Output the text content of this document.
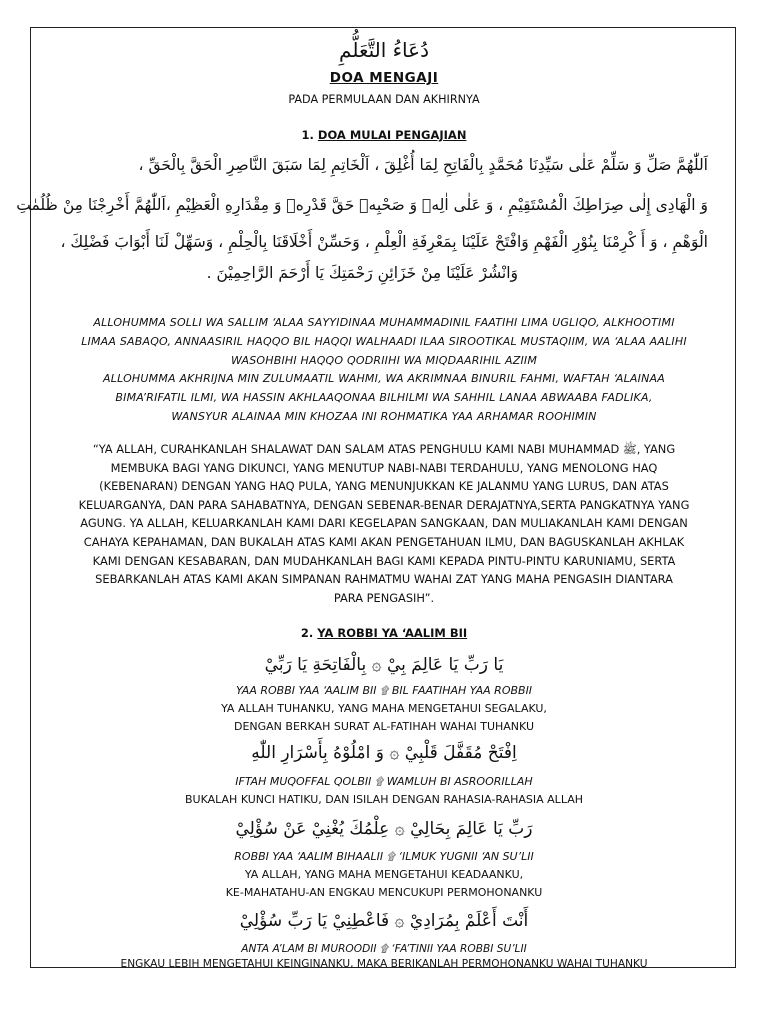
دُعَاءُ التَّعَلُّمِ
DOA MENGAJI
PADA PERMULAAN DAN AKHIRNYA
1. DOA MULAI PENGAJIAN
اَللّٰهُمَّ صَلِّ وَ سَلِّمْ عَلٰى سَيِّدِنَا مُحَمَّدٍ بِالْفَاتِحِ لِمَا أُغْلِقَ ، اَلْخَاتِمِ لِمَا سَبَقَ النَّاصِرِ الْحَقَّ بِالْحَقِّ ،
وَ الْهَادِى إِلٰى صِرَاطِكَ الْمُسْتَقِيْمِ ، وَ عَلٰى اٰلِهٖ وَ صَحْبِهٖ حَقَّ قَدْرِهٖ وَ مِقْدَارِهِ الْعَظِيْمِ ،اَللّٰهُمَّ أَخْرِجْنَا مِنْ ظُلُمٰتِ
الْوَهْمِ ، وَ أَ كْرِمْنَا بِنُوْرِ الْفَهْمِ وَافْتَحْ عَلَيْنَا بِمَعْرِفَةِ الْعِلْمِ ، وَحَسِّنْ أَخْلَاقَنَا بِالْحِلْمِ ، وَسَهِّلْ لَنَا أَبْوَابَ فَضْلِكَ ،
وَانْشُرْ عَلَيْنَا مِنْ خَزَائِنِ رَحْمَتِكَ يَا أَرْحَمَ الرَّاحِمِيْنَ .
ALLOHUMMA SOLLI WA SALLIM ‘ALAA SAYYIDINAA MUHAMMADINIL FAATIHI LIMA UGLIQO, ALKHOOTIMI
LIMAA SABAQO, ANNAASIRIL HAQQO BIL HAQQI WALHAADI ILAA SIROOTIKAL MUSTAQIIM, WA ‘ALAA AALIHI
WASOHBIHI HAQQO QODRIIHI WA MIQDAARIHIL AZIIM
ALLOHUMMA AKHRIJNA MIN ZULUMAATIL WAHMI, WA AKRIMNAA BINURIL FAHMI, WAFTAH ‘ALAINAA
BIMA’RIFATIL ILMI, WA HASSIN AKHLAAQONAA BILHILMI WA SAHHIL LANAA ABWAABA FADLIKA,
WANSYUR ALAINAA MIN KHOZAA INI ROHMATIKA YAA ARHAMAR ROOHIMIN
“YA ALLAH, CURAHKANLAH SHALAWAT DAN SALAM ATAS PENGHULU KAMI NABI MUHAMMAD ﷺ, YANG
MEMBUKA BAGI YANG DIKUNCI, YANG MENUTUP NABI-NABI TERDAHULU, YANG MENOLONG HAQ
(KEBENARAN) DENGAN YANG HAQ PULA, YANG MENUNJUKKAN KE JALANMU YANG LURUS, DAN ATAS
KELUARGANYA, DAN PARA SAHABATNYA, DENGAN SEBENAR-BENAR DERAJATNYA,SERTA PANGKATNYA YANG
AGUNG. YA ALLAH, KELUARKANLAH KAMI DARI KEGELAPAN SANGKAAN, DAN MULIAKANLAH KAMI DENGAN
CAHAYA KEPAHAMAN, DAN BUKALAH ATAS KAMI AKAN PENGETAHUAN ILMU, DAN BAGUSKANLAH AKHLAK
KAMI DENGAN KESABARAN, DAN MUDAHKANLAH BAGI KAMI KEPADA PINTU-PINTU KARUNIAMU, SERTA
SEBARKANLAH ATAS KAMI AKAN SIMPANAN RAHMATMU WAHAI ZAT YANG MAHA PENGASIH DIANTARA
PARA PENGASIH”.
2. YA ROBBI YA ‘AALIM BII
يَا رَبِّ يَا عَالِمَ بِيْ ۞ بِالْفَاتِحَةِ يَا رَبِّيْ
YAA ROBBI YAA ‘AALIM BII ۩ BIL FAATIHAH YAA ROBBII
YA ALLAH TUHANKU, YANG MAHA MENGETAHUI SEGALAKU,
DENGAN BERKAH SURAT AL-FATIHAH WAHAI TUHANKU
اِفْتَحْ مُقَفَّلَ قَلْبِيْ ۞ وَ امْلُوْهُ بِأَسْرَارِ اللّٰهِ
IFTAH MUQOFFAL QOLBII ۩ WAMLUH BI ASROORILLAH
BUKALAH KUNCI HATIKU, DAN ISILAH DENGAN RAHASIA-RAHASIA ALLAH
رَبِّ يَا عَالِمَ بِحَالِيْ ۞ عِلْمُكَ يُغْنِيْ عَنْ سُؤْلِيْ
ROBBI YAA ‘AALIM BIHAALII ۩ ‘ILMUK YUGNII ‘AN SU’LII
YA ALLAH, YANG MAHA MENGETAHUI KEADAANKU,
KE-MAHATAHU-AN ENGKAU MENCUKUPI PERMOHONANKU
أَنْتَ أَعْلَمْ بِمُرَادِيْ ۞ فَاعْطِنِيْ يَا رَبِّ سُؤْلِيْ
ANTA A’LAM BI MUROODII ۩ ‘FA’TINII YAA ROBBI SU’LII
ENGKAU LEBIH MENGETAHUI KEINGINANKU, MAKA BERIKANLAH PERMOHONANKU WAHAI TUHANKU
